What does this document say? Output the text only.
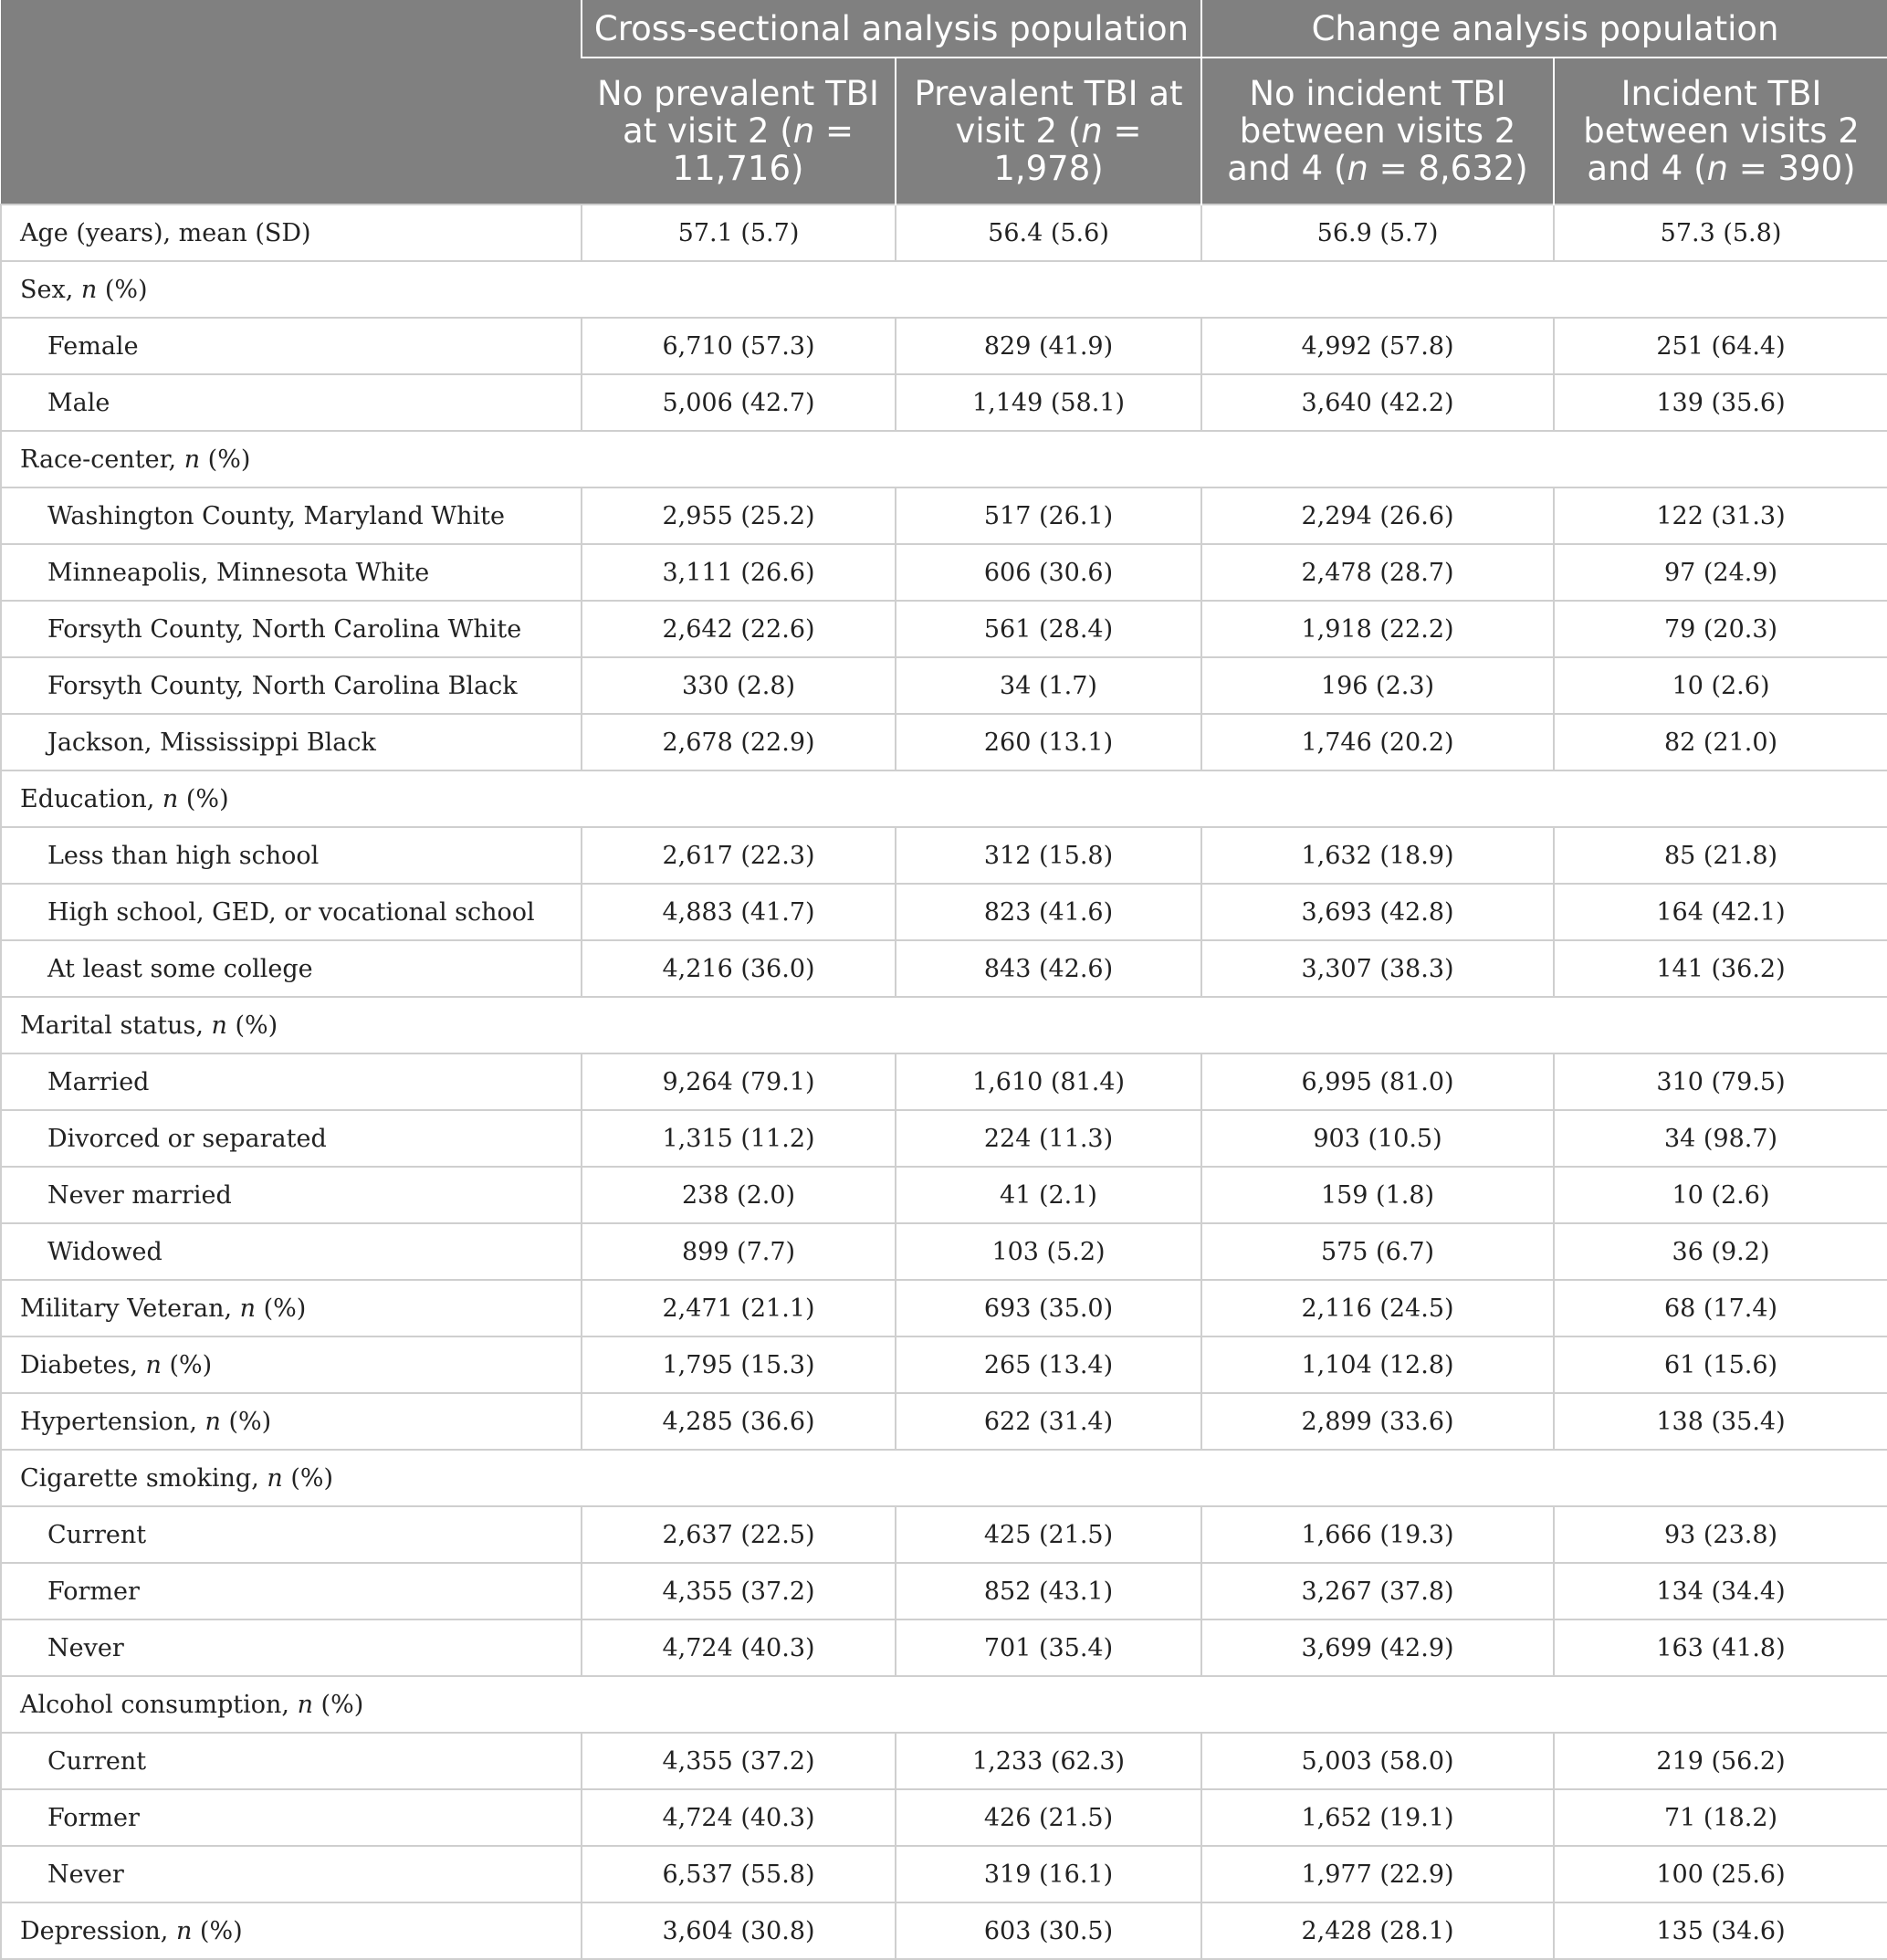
	Cross-sectional analysis population		Change analysis population	
	No prevalent TBI at visit 2 (n = 11,716)	Prevalent TBI at visit 2 (n = 1,978)	No incident TBI between visits 2 and 4 (n = 8,632)	Incident TBI between visits 2 and 4 (n = 390)
Age (years), mean (SD)	57.1 (5.7)	56.4 (5.6)	56.9 (5.7)	57.3 (5.8)
Sex, n (%)				
Female	6,710 (57.3)	829 (41.9)	4,992 (57.8)	251 (64.4)
Male	5,006 (42.7)	1,149 (58.1)	3,640 (42.2)	139 (35.6)
Race-center, n (%)				
Washington County, Maryland White	2,955 (25.2)	517 (26.1)	2,294 (26.6)	122 (31.3)
Minneapolis, Minnesota White	3,111 (26.6)	606 (30.6)	2,478 (28.7)	97 (24.9)
Forsyth County, North Carolina White	2,642 (22.6)	561 (28.4)	1,918 (22.2)	79 (20.3)
Forsyth County, North Carolina Black	330 (2.8)	34 (1.7)	196 (2.3)	10 (2.6)
Jackson, Mississippi Black	2,678 (22.9)	260 (13.1)	1,746 (20.2)	82 (21.0)
Education, n (%)				
Less than high school	2,617 (22.3)	312 (15.8)	1,632 (18.9)	85 (21.8)
High school, GED, or vocational school	4,883 (41.7)	823 (41.6)	3,693 (42.8)	164 (42.1)
At least some college	4,216 (36.0)	843 (42.6)	3,307 (38.3)	141 (36.2)
Marital status, n (%)				
Married	9,264 (79.1)	1,610 (81.4)	6,995 (81.0)	310 (79.5)
Divorced or separated	1,315 (11.2)	224 (11.3)	903 (10.5)	34 (98.7)
Never married	238 (2.0)	41 (2.1)	159 (1.8)	10 (2.6)
Widowed	899 (7.7)	103 (5.2)	575 (6.7)	36 (9.2)
Military Veteran, n (%)	2,471 (21.1)	693 (35.0)	2,116 (24.5)	68 (17.4)
Diabetes, n (%)	1,795 (15.3)	265 (13.4)	1,104 (12.8)	61 (15.6)
Hypertension, n (%)	4,285 (36.6)	622 (31.4)	2,899 (33.6)	138 (35.4)
Cigarette smoking, n (%)				
Current	2,637 (22.5)	425 (21.5)	1,666 (19.3)	93 (23.8)
Former	4,355 (37.2)	852 (43.1)	3,267 (37.8)	134 (34.4)
Never	4,724 (40.3)	701 (35.4)	3,699 (42.9)	163 (41.8)
Alcohol consumption, n (%)				
Current	4,355 (37.2)	1,233 (62.3)	5,003 (58.0)	219 (56.2)
Former	4,724 (40.3)	426 (21.5)	1,652 (19.1)	71 (18.2)
Never	6,537 (55.8)	319 (16.1)	1,977 (22.9)	100 (25.6)
Depression, n (%)	3,604 (30.8)	603 (30.5)	2,428 (28.1)	135 (34.6)
